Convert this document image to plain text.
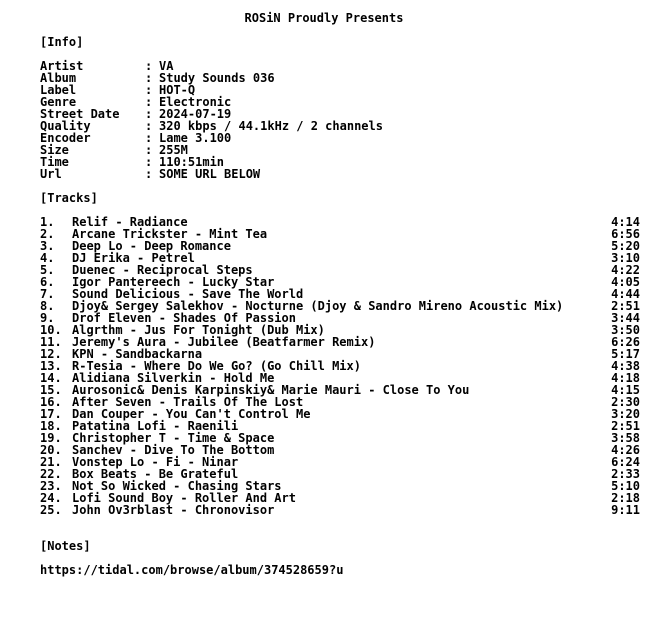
ROSiN Proudly Presents
[Info]
Artist	: VA
Album	: Study Sounds 036
Label	: HOT-Q
Genre	: Electronic
Street Date	: 2024-07-19
Quality	: 320 kbps / 44.1kHz / 2 channels
Encoder	: Lame 3.100
Size	: 255M
Time	: 110:51min
Url	: SOME URL BELOW
[Tracks]
1.	Relif - Radiance	4:14
2.	Arcane Trickster - Mint Tea	6:56
3.	Deep Lo - Deep Romance	5:20
4.	DJ Erika - Petrel	3:10
5.	Duenec - Reciprocal Steps	4:22
6.	Igor Pantereech - Lucky Star	4:05
7.	Sound Delicious - Save The World	4:44
8.	Djoy& Sergey Salekhov - Nocturne (Djoy & Sandro Mireno Acoustic Mix)	2:51
9.	Drof Eleven - Shades Of Passion	3:44
10. Algrthm - Jus For Tonight (Dub Mix)	3:50
11. Jeremy's Aura - Jubilee (Beatfarmer Remix)	6:26
12. KPN - Sandbackarna	5:17
13. R-Tesia - Where Do We Go? (Go Chill Mix)	4:38
14. Alidiana Silverkin - Hold Me	4:18
15. Aurosonic& Denis Karpinskiy& Marie Mauri - Close To You	4:15
16. After Seven - Trails Of The Lost	2:30
17. Dan Couper - You Can't Control Me	3:20
18. Patatina Lofi - Raenili	2:51
19. Christopher T - Time & Space	3:58
20. Sanchev - Dive To The Bottom	4:26
21. Vonstep Lo - Fi - Ninar	6:24
22. Box Beats - Be Grateful	2:33
23. Not So Wicked - Chasing Stars	5:10
24. Lofi Sound Boy - Roller And Art	2:18
25. John Ov3rblast - Chronovisor	9:11
[Notes]
https://tidal.com/browse/album/374528659?u
